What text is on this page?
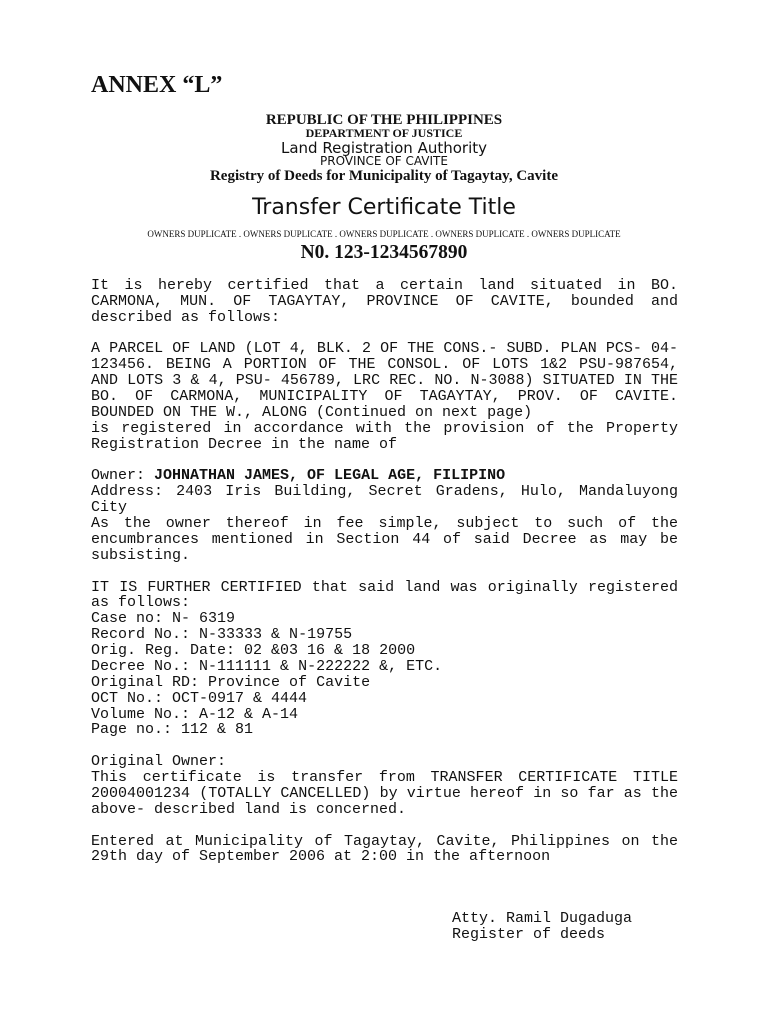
ANNEX “L”
REPUBLIC OF THE PHILIPPINES
DEPARTMENT OF JUSTICE
Land Registration Authority
PROVINCE OF CAVITE
Registry of Deeds for Municipality of Tagaytay, Cavite
Transfer Certificate Title
OWNERS DUPLICATE . OWNERS DUPLICATE . OWNERS DUPLICATE . OWNERS DUPLICATE . OWNERS DUPLICATE
N0. 123-1234567890
It is hereby certified that a certain land situated in BO.
CARMONA, MUN. OF TAGAYTAY, PROVINCE OF CAVITE, bounded and
described as follows:
A PARCEL OF LAND (LOT 4, BLK. 2 OF THE CONS.- SUBD. PLAN PCS- 04-
123456. BEING A PORTION OF THE CONSOL. OF LOTS 1&2 PSU-987654,
AND LOTS 3 & 4, PSU- 456789, LRC REC. NO. N-3088) SITUATED IN THE
BO. OF CARMONA, MUNICIPALITY OF TAGAYTAY, PROV. OF CAVITE.
BOUNDED ON THE W., ALONG (Continued on next page)
is registered in accordance with the provision of the Property
Registration Decree in the name of
Owner: JOHNATHAN JAMES, OF LEGAL AGE, FILIPINO
Address: 2403 Iris Building, Secret Gradens, Hulo, Mandaluyong
City
As the owner thereof in fee simple, subject to such of the
encumbrances mentioned in Section 44 of said Decree as may be
subsisting.
IT IS FURTHER CERTIFIED that said land was originally registered
as follows:
Case no: N- 6319
Record No.: N-33333 & N-19755
Orig. Reg. Date: 02 &03 16 & 18 2000
Decree No.: N-111111 & N-222222 &, ETC.
Original RD: Province of Cavite
OCT No.: OCT-0917 & 4444
Volume No.: A-12 & A-14
Page no.: 112 & 81
Original Owner:
This certificate is transfer from TRANSFER CERTIFICATE TITLE
20004001234 (TOTALLY CANCELLED) by virtue hereof in so far as the
above- described land is concerned.
Entered at Municipality of Tagaytay, Cavite, Philippines on the
29th day of September 2006 at 2:00 in the afternoon
Atty. Ramil Dugaduga
Register of deeds
